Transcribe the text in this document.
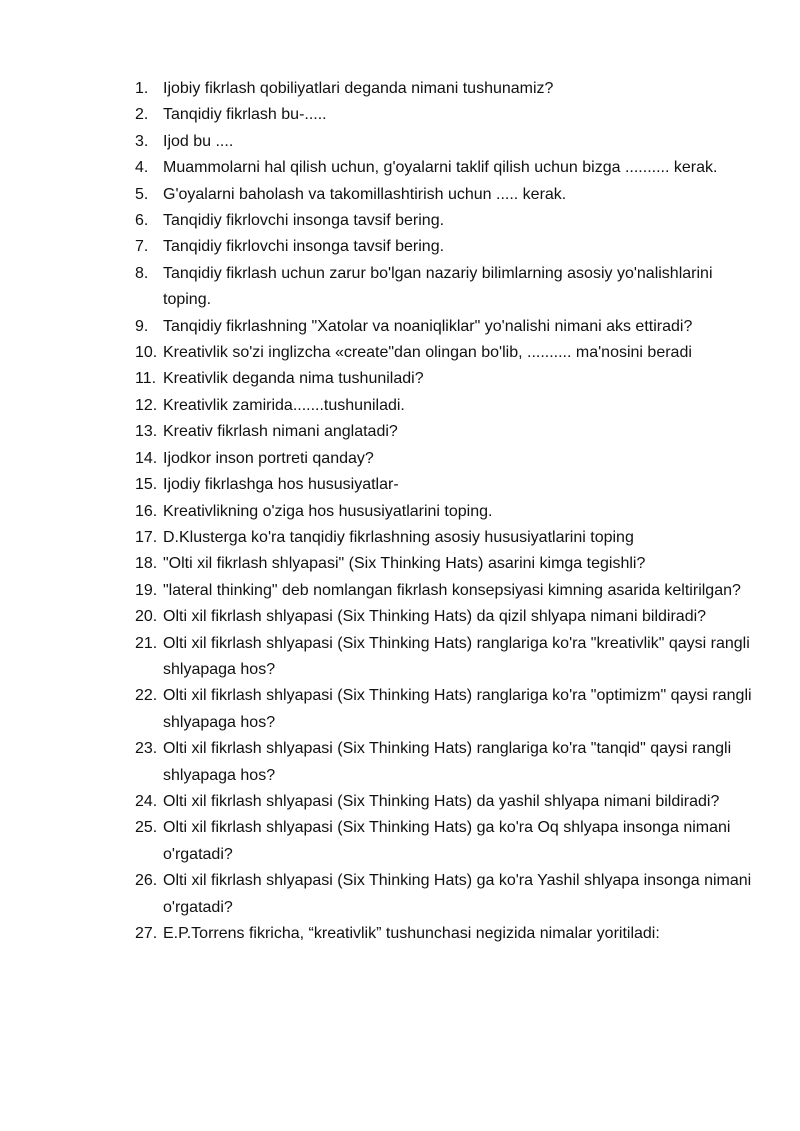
1. Ijobiy fikrlash qobiliyatlari deganda nimani tushunamiz?
2. Tanqidiy fikrlash bu-.....
3. Ijod bu ....
4. Muammolarni hal qilish uchun, g'oyalarni taklif qilish uchun bizga .......... kerak.
5. G'oyalarni baholash va takomillashtirish uchun ..... kerak.
6. Tanqidiy fikrlovchi insonga tavsif bering.
7. Tanqidiy fikrlovchi insonga tavsif bering.
8. Tanqidiy fikrlash uchun zarur bo'lgan nazariy bilimlarning asosiy yo'nalishlarini toping.
9. Tanqidiy fikrlashning "Xatolar va noaniqliklar" yo'nalishi nimani aks ettiradi?
10. Kreativlik so'zi inglizcha «create"dan olingan bo'lib, .......... ma'nosini beradi
11. Kreativlik deganda nima tushuniladi?
12. Kreativlik zamirida.......tushuniladi.
13. Kreativ fikrlash nimani anglatadi?
14. Ijodkor inson portreti qanday?
15. Ijodiy fikrlashga hos hususiyatlar-
16. Kreativlikning o'ziga hos hususiyatlarini toping.
17. D.Klusterga ko'ra tanqidiy fikrlashning asosiy hususiyatlarini toping
18. "Olti xil fikrlash shlyapasi" (Six Thinking Hats) asarini kimga tegishli?
19. "lateral thinking" deb nomlangan fikrlash konsepsiyasi kimning asarida keltirilgan?
20. Olti xil fikrlash shlyapasi (Six Thinking Hats) da qizil shlyapa nimani bildiradi?
21. Olti xil fikrlash shlyapasi (Six Thinking Hats) ranglariga ko'ra "kreativlik" qaysi rangli shlyapaga hos?
22. Olti xil fikrlash shlyapasi (Six Thinking Hats) ranglariga ko'ra "optimizm" qaysi rangli shlyapaga hos?
23. Olti xil fikrlash shlyapasi (Six Thinking Hats) ranglariga ko'ra "tanqid" qaysi rangli shlyapaga hos?
24. Olti xil fikrlash shlyapasi (Six Thinking Hats) da yashil shlyapa nimani bildiradi?
25. Olti xil fikrlash shlyapasi (Six Thinking Hats) ga ko'ra Oq shlyapa insonga nimani o'rgatadi?
26. Olti xil fikrlash shlyapasi (Six Thinking Hats) ga ko'ra Yashil shlyapa insonga nimani o'rgatadi?
27. E.P.Torrens fikricha, “kreativlik” tushunchasi negizida nimalar yoritiladi:
